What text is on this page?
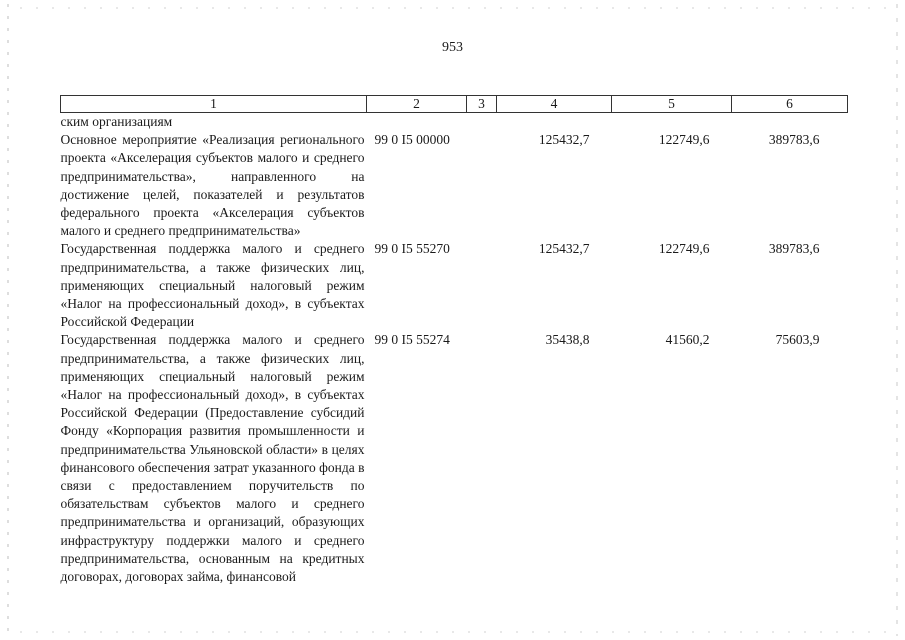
953
1	2	3	4	5	6
ским организациям					

Основное мероприятие «Реализация регионального проекта «Акселерация субъектов малого и среднего предпринимательства», направленного на достижение целей, показателей и результатов федерального проекта «Акселерация субъектов малого и среднего предпринимательства»	99 0 I5 00000		125432,7	122749,6	389783,6

Государственная поддержка малого и среднего предпринимательства, а также физических лиц, применяющих специальный налоговый режим «Налог на профессиональный доход», в субъектах Российской Федерации	99 0 I5 55270		125432,7	122749,6	389783,6

Государственная поддержка малого и среднего предпринимательства, а также физических лиц, применяющих специальный налоговый режим «Налог на профессиональный доход», в субъектах Российской Федерации (Предоставление субсидий Фонду «Корпорация развития промышленности и предпринимательства Ульяновской области» в целях финансового обеспечения затрат указанного фонда в связи с предоставлением поручительств по обязательствам субъектов малого и среднего предпринимательства и организаций, образующих инфраструктуру поддержки малого и среднего предпринимательства, основанным на кредитных договорах, договорах займа, финансовой	99 0 I5 55274		35438,8	41560,2	75603,9
